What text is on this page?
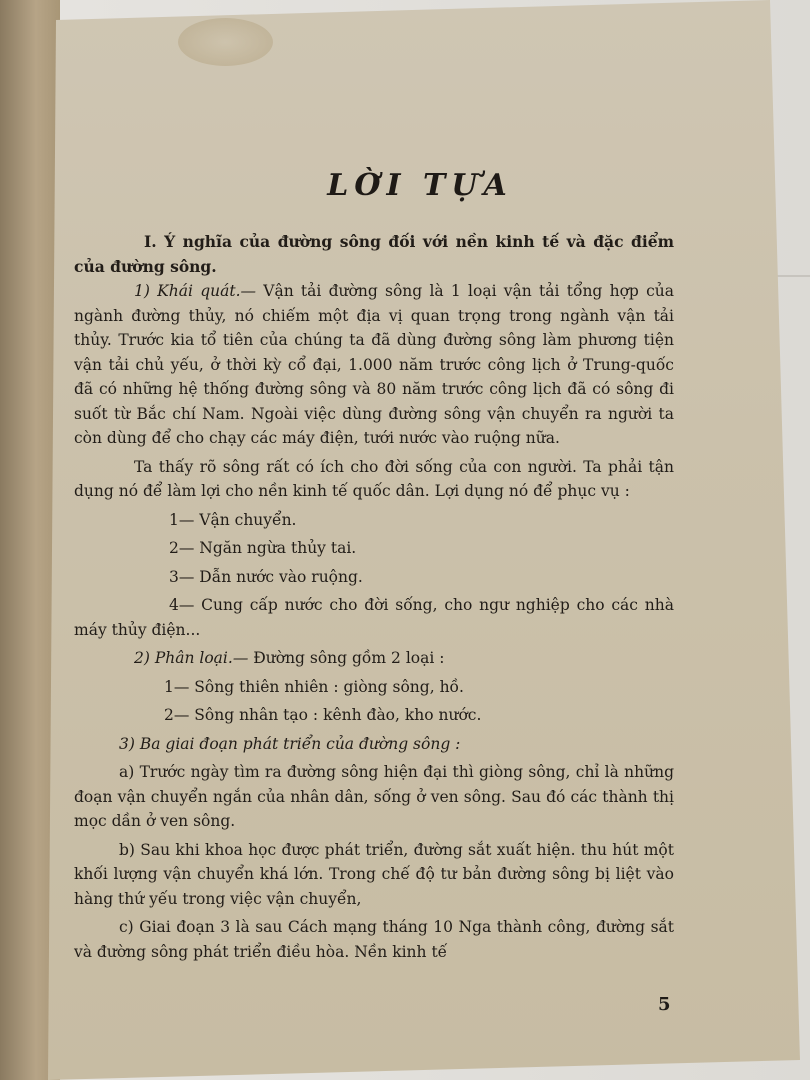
LỜI TỰA

I. Ý nghĩa của đường sông đối với nền kinh tế và đặc điểm của đường sông.

1) Khái quát.— Vận tải đường sông là 1 loại vận tải tổng hợp của ngành đường thủy, nó chiếm một địa vị quan trọng trong ngành vận tải thủy. Trước kia tổ tiên của chúng ta đã dùng đường sông làm phương tiện vận tải chủ yếu, ở thời kỳ cổ đại, 1.000 năm trước công lịch ở Trung-quốc đã có những hệ thống đường sông và 80 năm trước công lịch đã có sông đi suốt từ Bắc chí Nam. Ngoài việc dùng đường sông vận chuyển ra người ta còn dùng để cho chạy các máy điện, tưới nước vào ruộng nữa.

Ta thấy rõ sông rất có ích cho đời sống của con người. Ta phải tận dụng nó để làm lợi cho nền kinh tế quốc dân. Lợi dụng nó để phục vụ :

1— Vận chuyển.

2— Ngăn ngừa thủy tai.

3— Dẫn nước vào ruộng.

4— Cung cấp nước cho đời sống, cho ngư nghiệp cho các nhà máy thủy điện...

2) Phân loại.— Đường sông gồm 2 loại :

1— Sông thiên nhiên : giòng sông, hồ.

2— Sông nhân tạo : kênh đào, kho nước.

3) Ba giai đoạn phát triển của đường sông :

a) Trước ngày tìm ra đường sông hiện đại thì giòng sông, chỉ là những đoạn vận chuyển ngắn của nhân dân, sống ở ven sông. Sau đó các thành thị mọc dần ở ven sông.

b) Sau khi khoa học được phát triển, đường sắt xuất hiện. thu hút một khối lượng vận chuyển khá lớn. Trong chế độ tư bản đường sông bị liệt vào hàng thứ yếu trong việc vận chuyển,

c) Giai đoạn 3 là sau Cách mạng tháng 10 Nga thành công, đường sắt và đường sông phát triển điều hòa. Nền kinh tế

5
